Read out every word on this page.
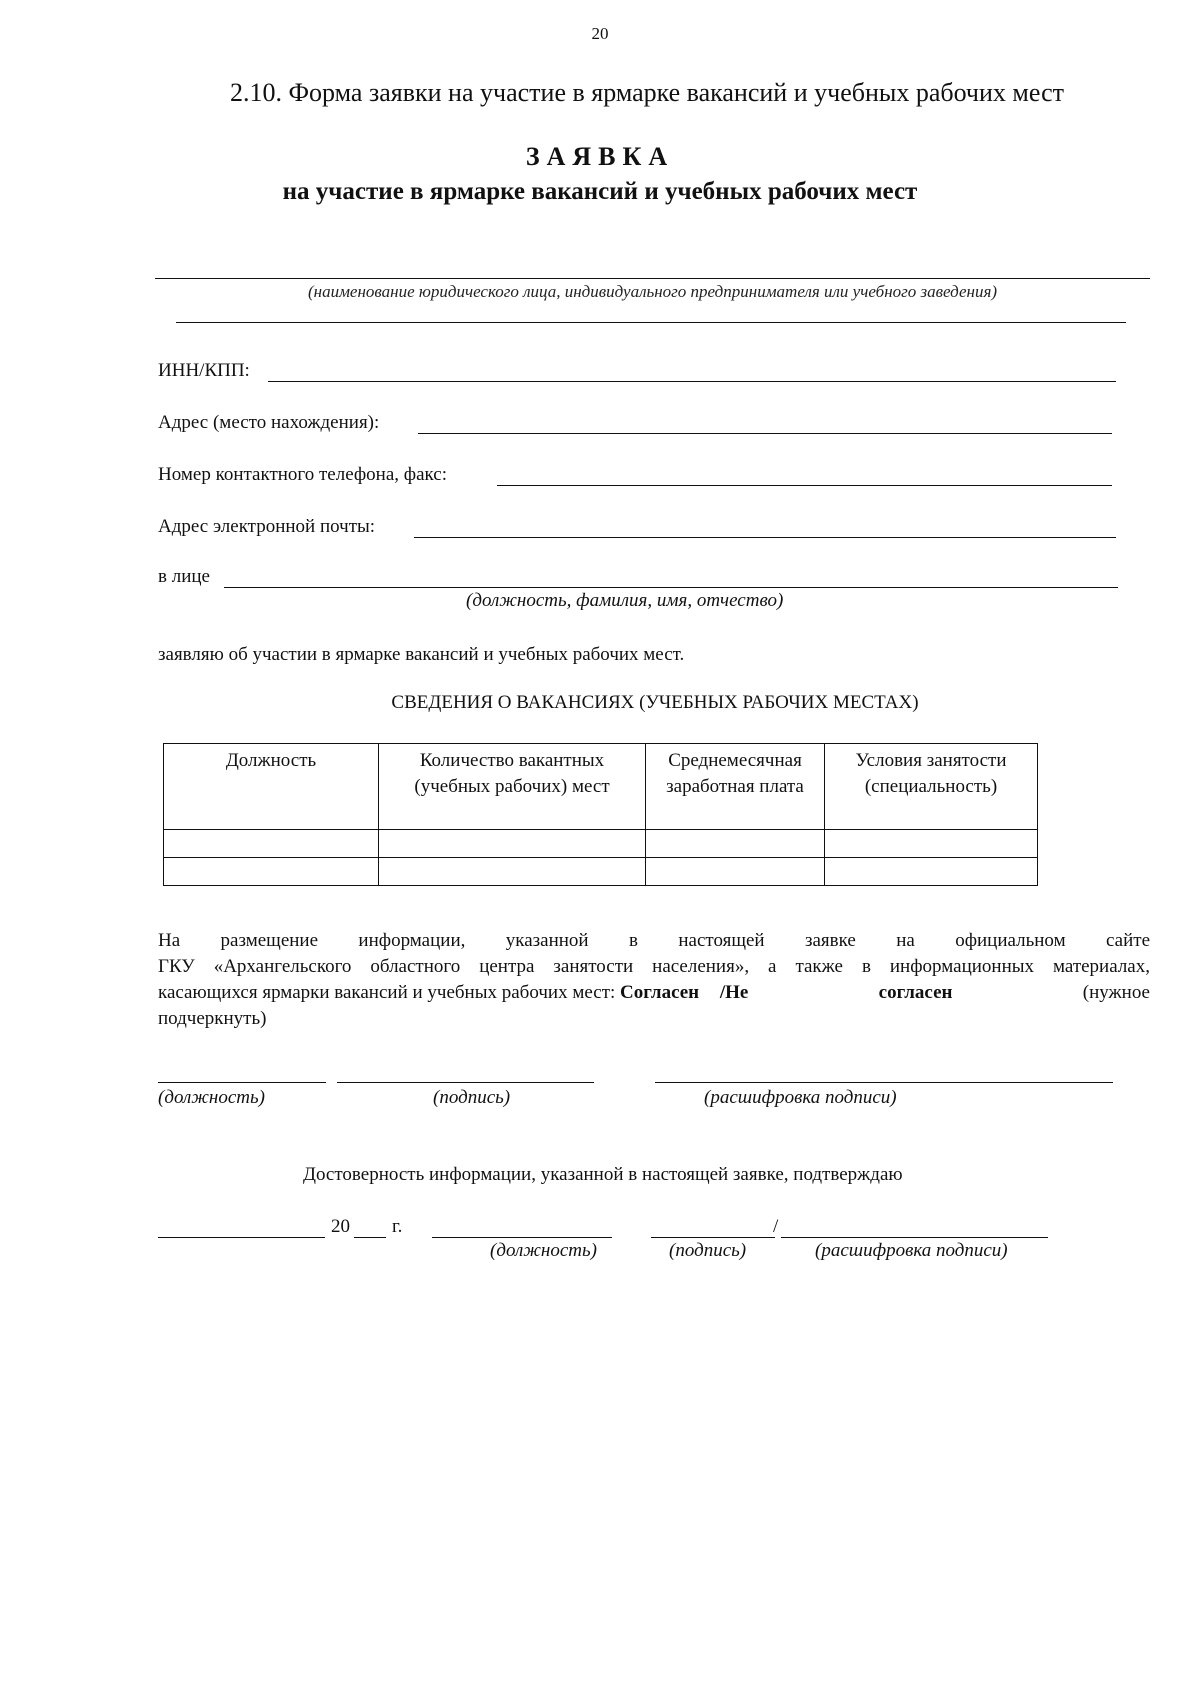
20
2.10. Форма заявки на участие в ярмарке вакансий и учебных рабочих мест
ЗАЯВКА
на участие в ярмарке вакансий и учебных рабочих мест
(наименование юридического лица, индивидуального предпринимателя или учебного заведения)
ИНН/КПП:
Адрес (место нахождения):
Номер контактного телефона, факс:
Адрес электронной почты:
в лице
(должность, фамилия, имя, отчество)
заявляю об участии в ярмарке вакансий и учебных рабочих мест.
СВЕДЕНИЯ О ВАКАНСИЯХ (УЧЕБНЫХ РАБОЧИХ МЕСТАХ)
Должность	Количество вакантных (учебных рабочих) мест	Среднемесячная заработная плата	Условия занятости (специальность)

На размещение информации, указанной в настоящей заявке на официальном сайте
ГКУ «Архангельского областного центра занятости населения», а также в информационных материалах,
касающихся ярмарки вакансий и учебных рабочих мест: Согласен /Не	согласен	(нужное
подчеркнуть)
(должность)	(подпись)	(расшифровка подписи)
Достоверность информации, указанной в настоящей заявке, подтверждаю
20 г.	/
(должность)	(подпись)	(расшифровка подписи)
